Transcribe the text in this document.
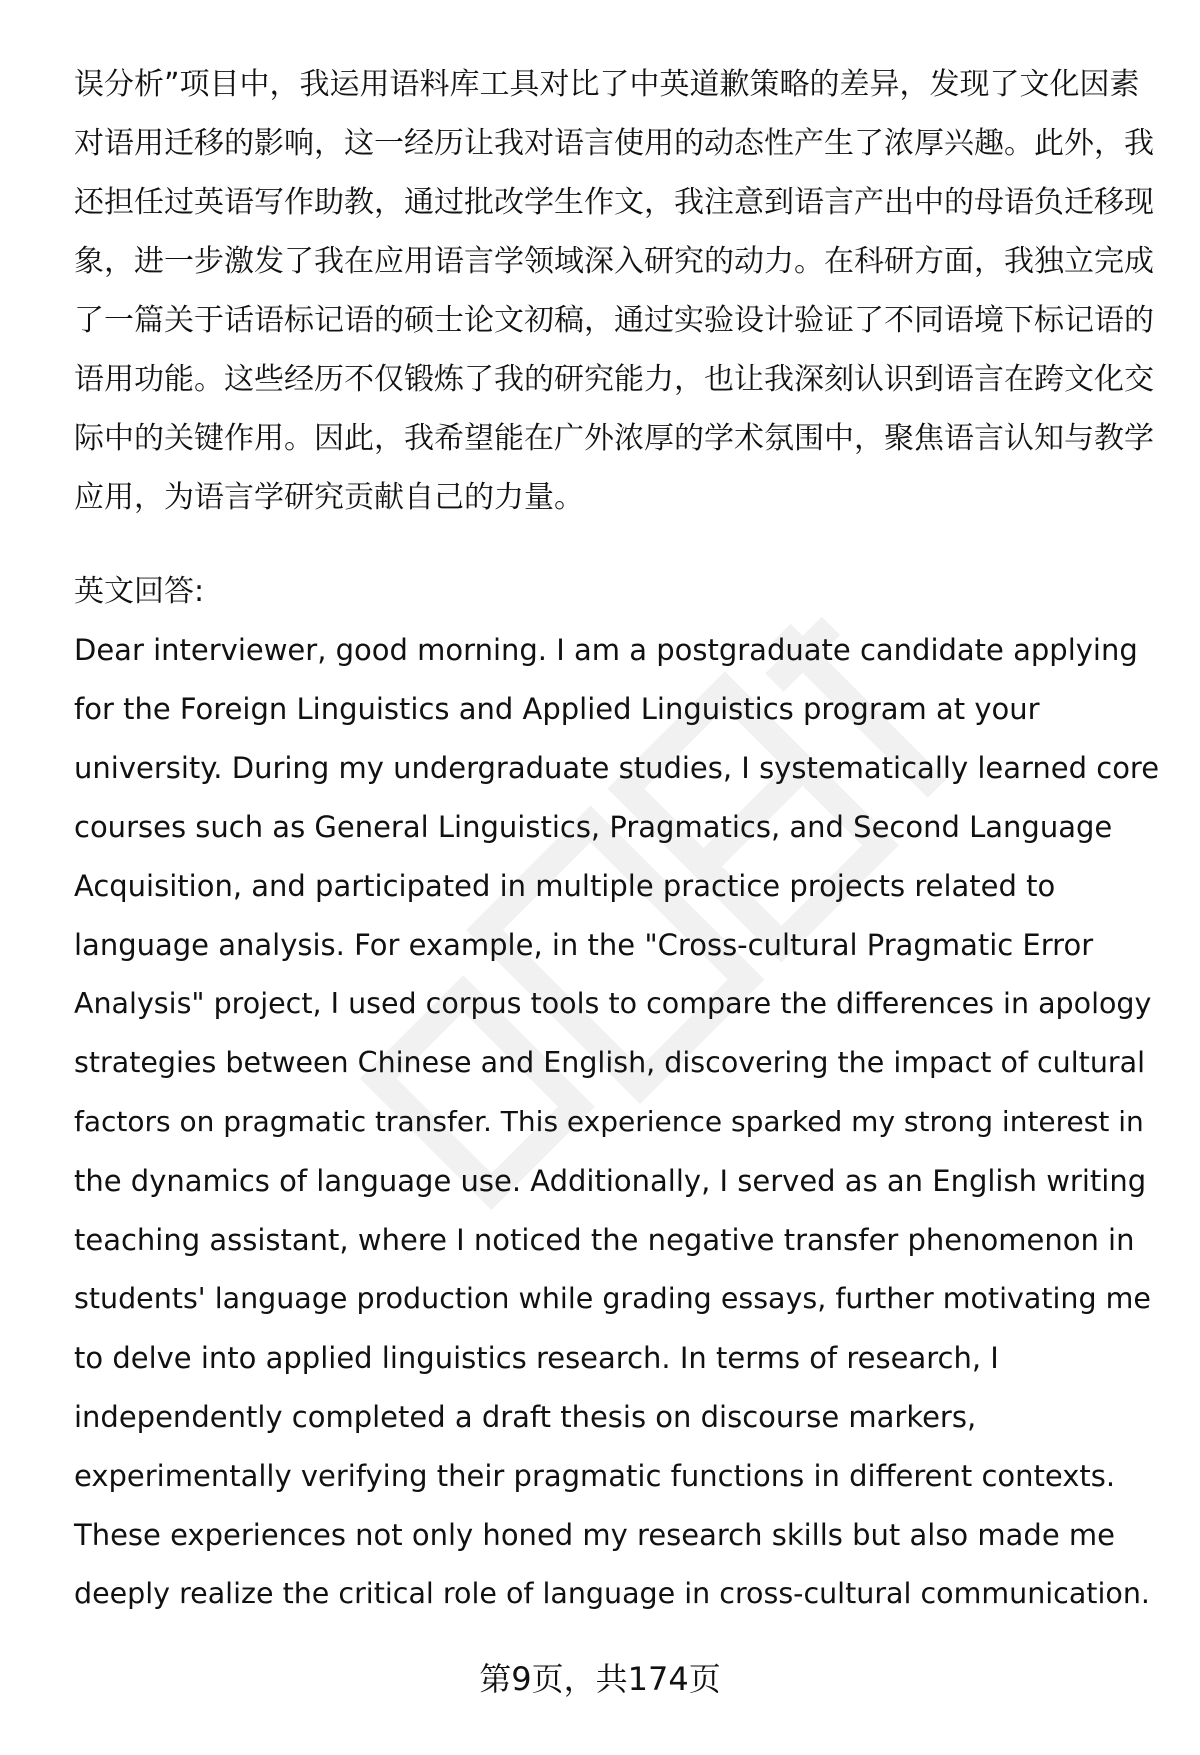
误分析”项目中，我运用语料库工具对比了中英道歉策略的差异，发现了文化因素
对语用迁移的影响，这一经历让我对语言使用的动态性产生了浓厚兴趣。此外，我
还担任过英语写作助教，通过批改学生作文，我注意到语言产出中的母语负迁移现
象，进一步激发了我在应用语言学领域深入研究的动力。在科研方面，我独立完成
了一篇关于话语标记语的硕士论文初稿，通过实验设计验证了不同语境下标记语的
语用功能。这些经历不仅锻炼了我的研究能力，也让我深刻认识到语言在跨文化交
际中的关键作用。因此，我希望能在广外浓厚的学术氛围中，聚焦语言认知与教学
应用，为语言学研究贡献自己的力量。
英文回答:
Dear interviewer, good morning. I am a postgraduate candidate applying
for the Foreign Linguistics and Applied Linguistics program at your
university. During my undergraduate studies, I systematically learned core
courses such as General Linguistics, Pragmatics, and Second Language
Acquisition, and participated in multiple practice projects related to
language analysis. For example, in the "Cross-cultural Pragmatic Error
Analysis" project, I used corpus tools to compare the differences in apology
strategies between Chinese and English, discovering the impact of cultural
factors on pragmatic transfer. This experience sparked my strong interest in
the dynamics of language use. Additionally, I served as an English writing
teaching assistant, where I noticed the negative transfer phenomenon in
students' language production while grading essays, further motivating me
to delve into applied linguistics research. In terms of research, I
independently completed a draft thesis on discourse markers,
experimentally verifying their pragmatic functions in different contexts.
These experiences not only honed my research skills but also made me
deeply realize the critical role of language in cross-cultural communication.
第9页，共174页
